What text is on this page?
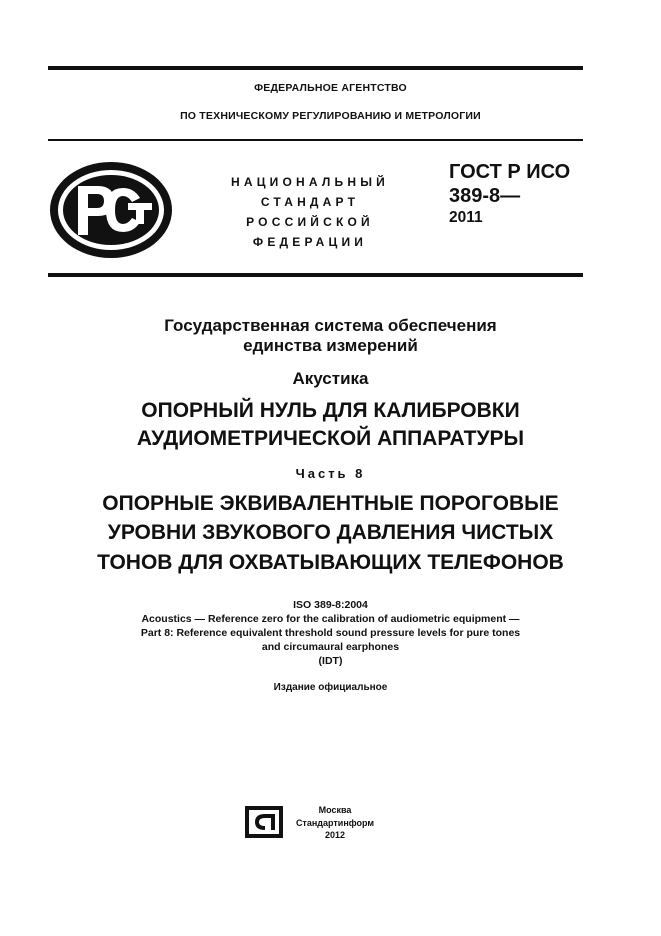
ФЕДЕРАЛЬНОЕ АГЕНТСТВО
ПО ТЕХНИЧЕСКОМУ РЕГУЛИРОВАНИЮ И МЕТРОЛОГИИ
НАЦИОНАЛЬНЫЙ
СТАНДАРТ
РОССИЙСКОЙ
ФЕДЕРАЦИИ
ГОСТ Р ИСО
389-8—
2011
Государственная система обеспечения
единства измерений
Акустика
ОПОРНЫЙ НУЛЬ ДЛЯ КАЛИБРОВКИ
АУДИОМЕТРИЧЕСКОЙ АППАРАТУРЫ
Часть 8
ОПОРНЫЕ ЭКВИВАЛЕНТНЫЕ ПОРОГОВЫЕ
УРОВНИ ЗВУКОВОГО ДАВЛЕНИЯ ЧИСТЫХ
ТОНОВ ДЛЯ ОХВАТЫВАЮЩИХ ТЕЛЕФОНОВ
ISO 389-8:2004
Acoustics — Reference zero for the calibration of audiometric equipment —
Part 8: Reference equivalent threshold sound pressure levels for pure tones
and circumaural earphones
(IDT)
Издание официальное
Москва
Стандартинформ
2012
